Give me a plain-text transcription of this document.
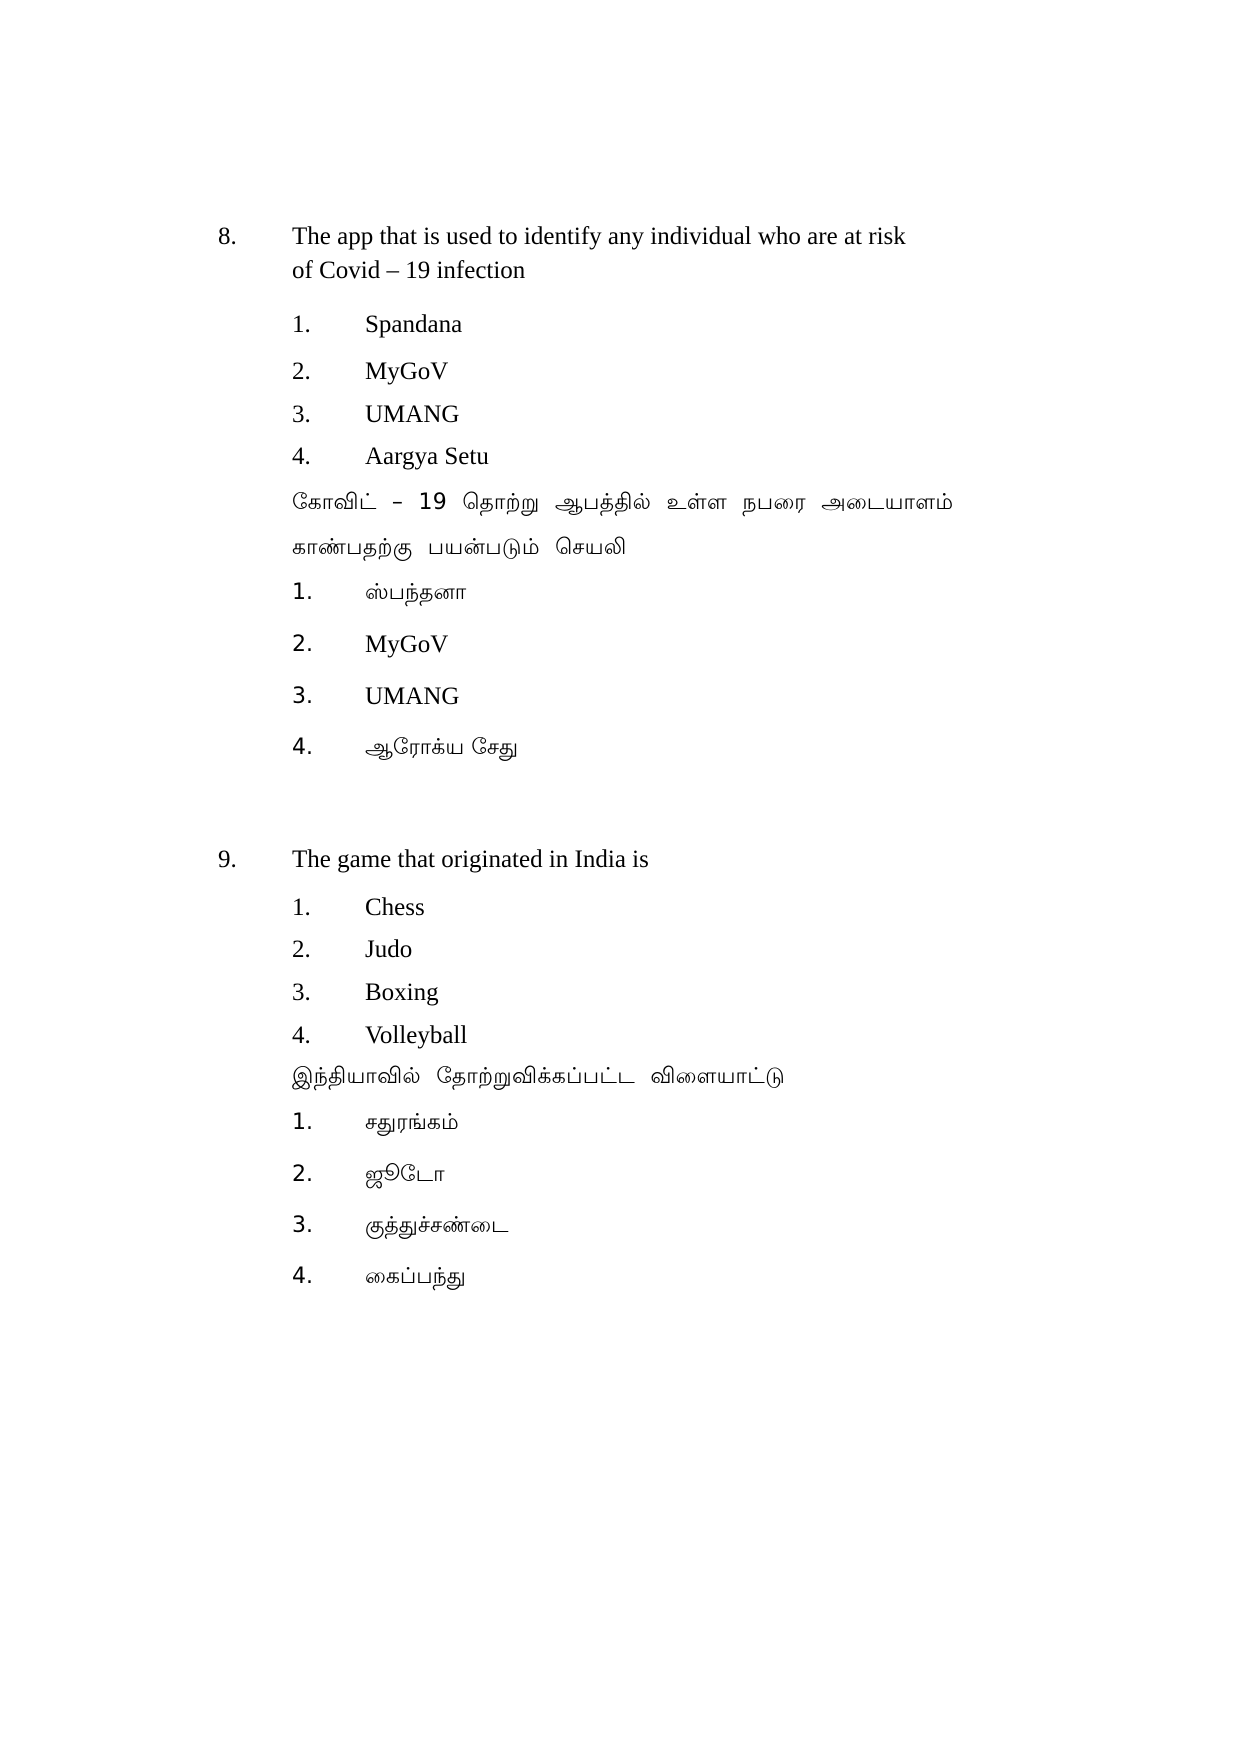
8. The app that is used to identify any individual who are at risk
of Covid – 19 infection
1. Spandana
2. MyGoV
3. UMANG
4. Aargya Setu
கோவிட் – 19 தொற்று ஆபத்தில் உள்ள நபரை அடையாளம்
காண்பதற்கு பயன்படும் செயலி
1. ஸ்பந்தனா
2. MyGoV
3. UMANG
4. ஆரோக்ய சேது
9. The game that originated in India is
1. Chess
2. Judo
3. Boxing
4. Volleyball
இந்தியாவில் தோற்றுவிக்கப்பட்ட விளையாட்டு
1. சதுரங்கம்
2. ஜூடோ
3. குத்துச்சண்டை
4. கைப்பந்து
